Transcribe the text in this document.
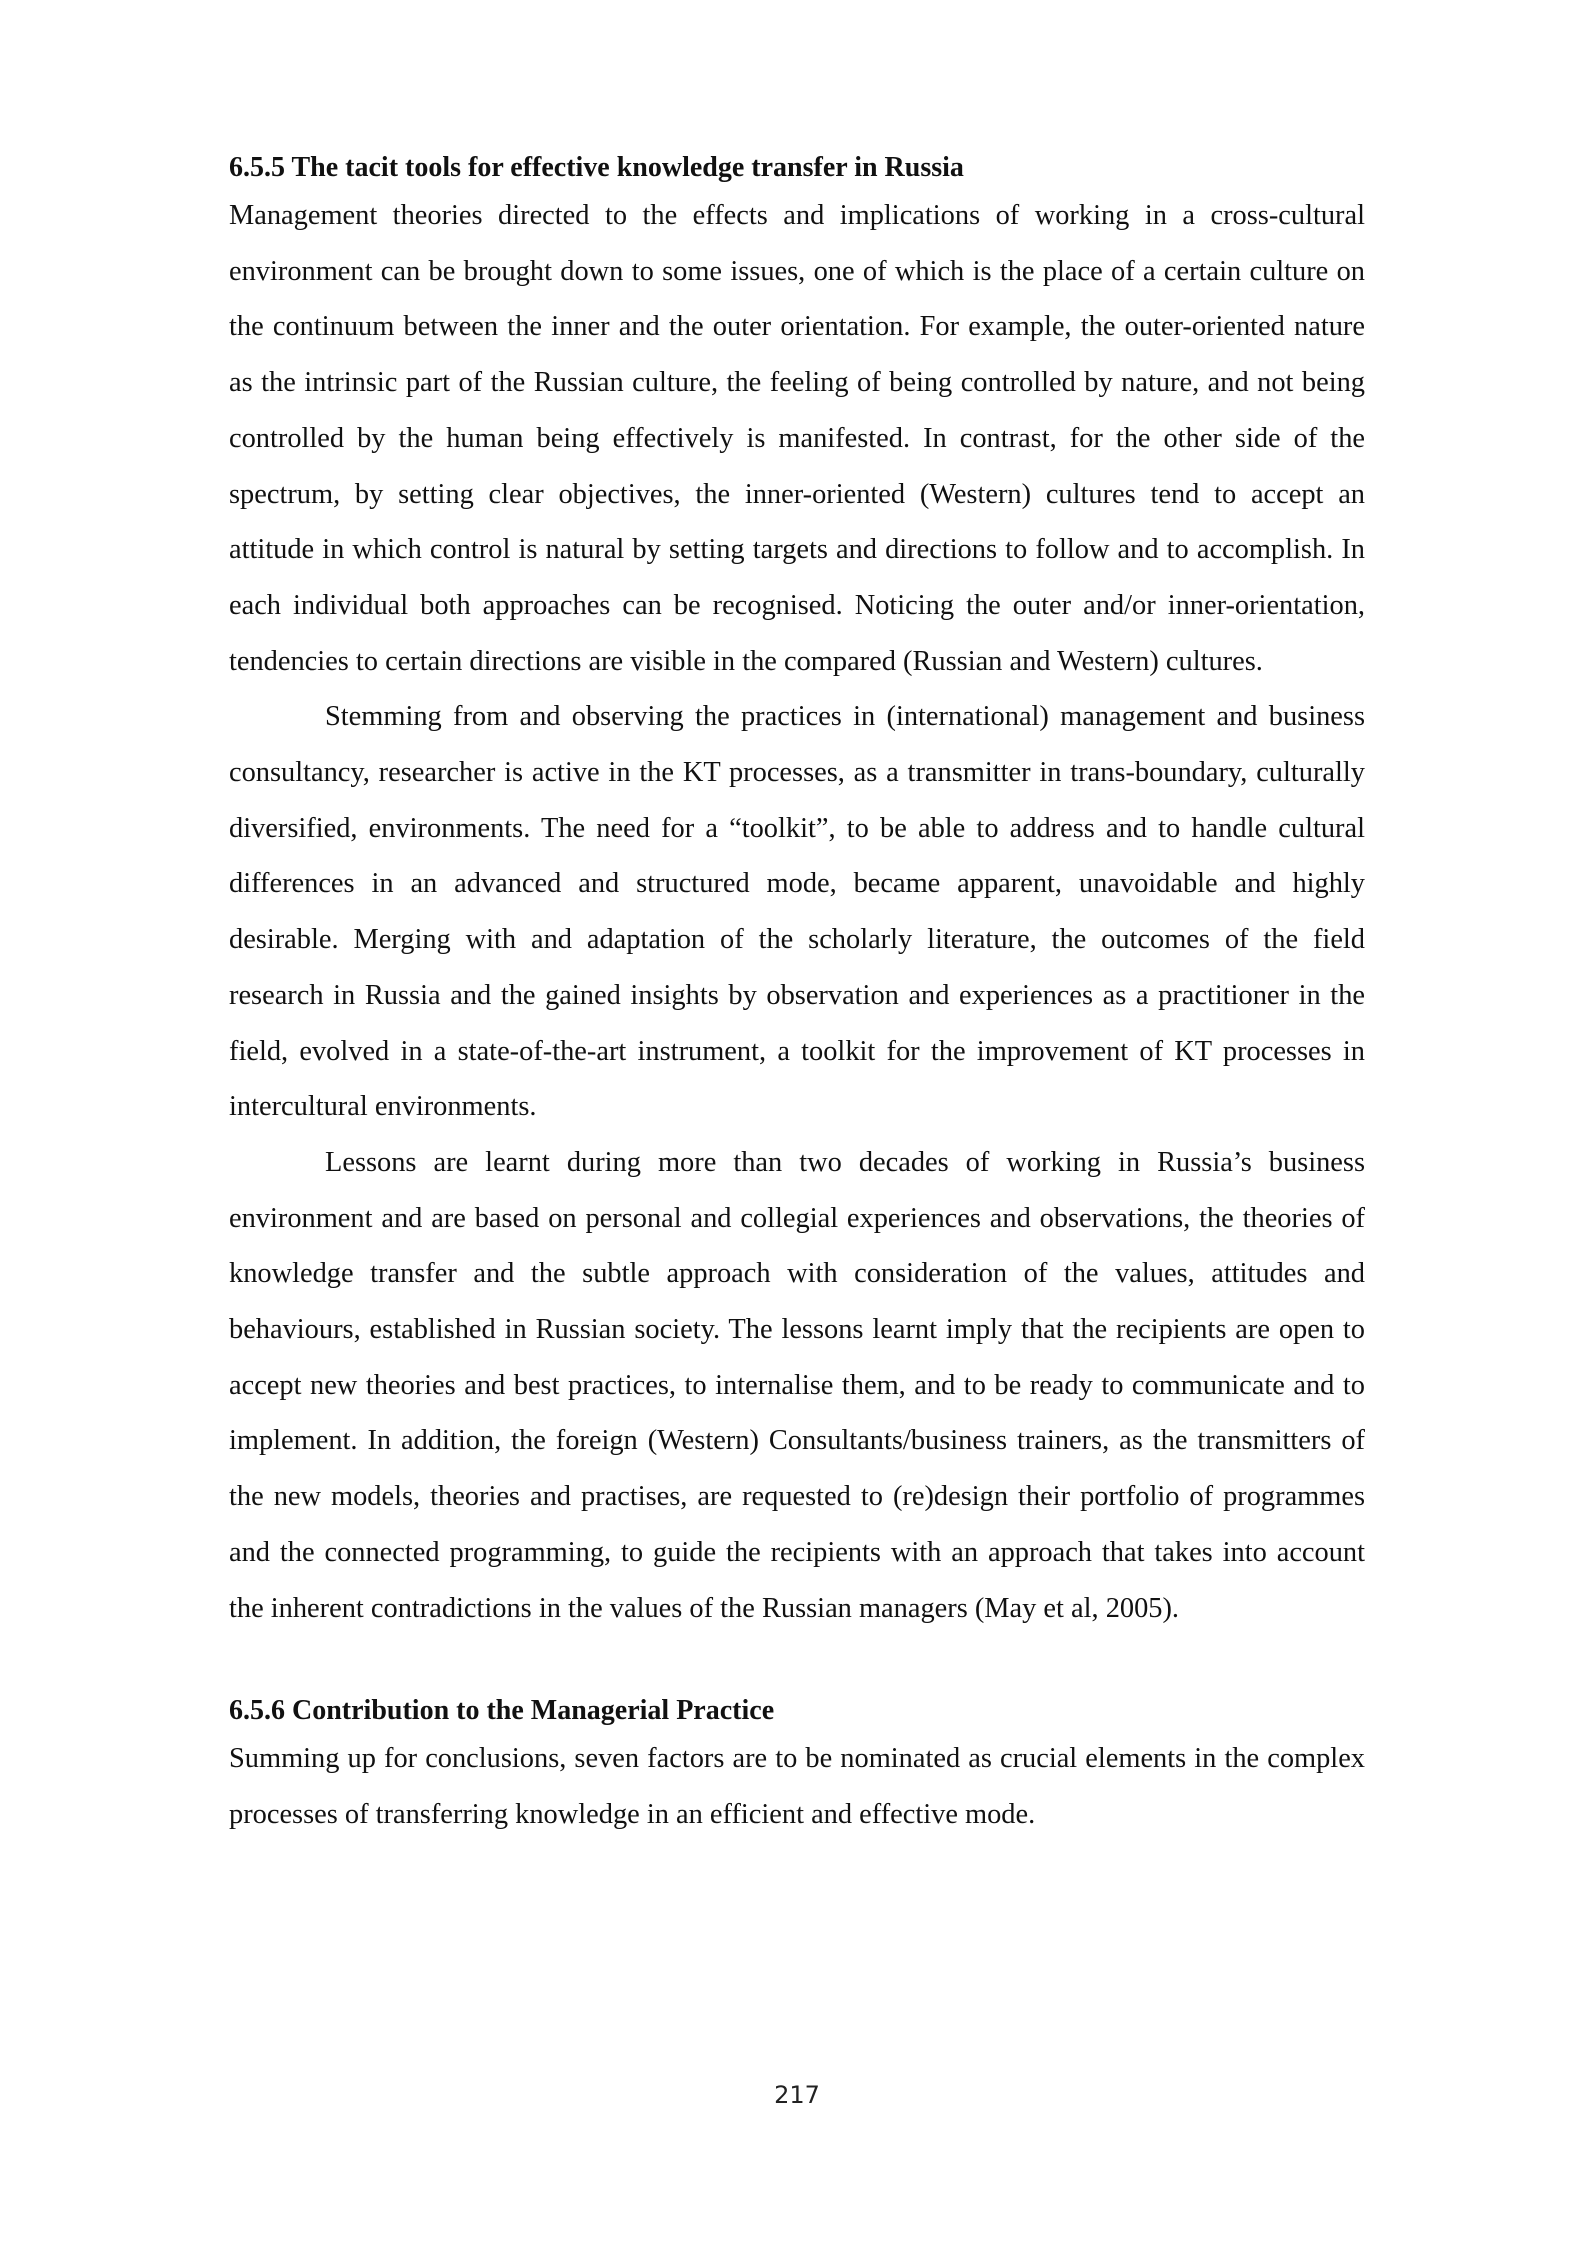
6.5.5 The tacit tools for effective knowledge transfer in Russia

Management theories directed to the effects and implications of working in a cross-cultural environment can be brought down to some issues, one of which is the place of a certain culture on the continuum between the inner and the outer orientation. For example, the outer-oriented nature as the intrinsic part of the Russian culture, the feeling of being controlled by nature, and not being controlled by the human being effectively is manifested. In contrast, for the other side of the spectrum, by setting clear objectives, the inner-oriented (Western) cultures tend to accept an attitude in which control is natural by setting targets and directions to follow and to accomplish. In each individual both approaches can be recognised. Noticing the outer and/or inner-orientation, tendencies to certain directions are visible in the compared (Russian and Western) cultures.

Stemming from and observing the practices in (international) management and business consultancy, researcher is active in the KT processes, as a transmitter in trans-boundary, culturally diversified, environments. The need for a “toolkit”, to be able to address and to handle cultural differences in an advanced and structured mode, became apparent, unavoidable and highly desirable. Merging with and adaptation of the scholarly literature, the outcomes of the field research in Russia and the gained insights by observation and experiences as a practitioner in the field, evolved in a state-of-the-art instrument, a toolkit for the improvement of KT processes in intercultural environments.

Lessons are learnt during more than two decades of working in Russia’s business environment and are based on personal and collegial experiences and observations, the theories of knowledge transfer and the subtle approach with consideration of the values, attitudes and behaviours, established in Russian society. The lessons learnt imply that the recipients are open to accept new theories and best practices, to internalise them, and to be ready to communicate and to implement. In addition, the foreign (Western) Consultants/business trainers, as the transmitters of the new models, theories and practises, are requested to (re)design their portfolio of programmes and the connected programming, to guide the recipients with an approach that takes into account the inherent contradictions in the values of the Russian managers (May et al, 2005).

6.5.6 Contribution to the Managerial Practice

Summing up for conclusions, seven factors are to be nominated as crucial elements in the complex processes of transferring knowledge in an efficient and effective mode.

217
